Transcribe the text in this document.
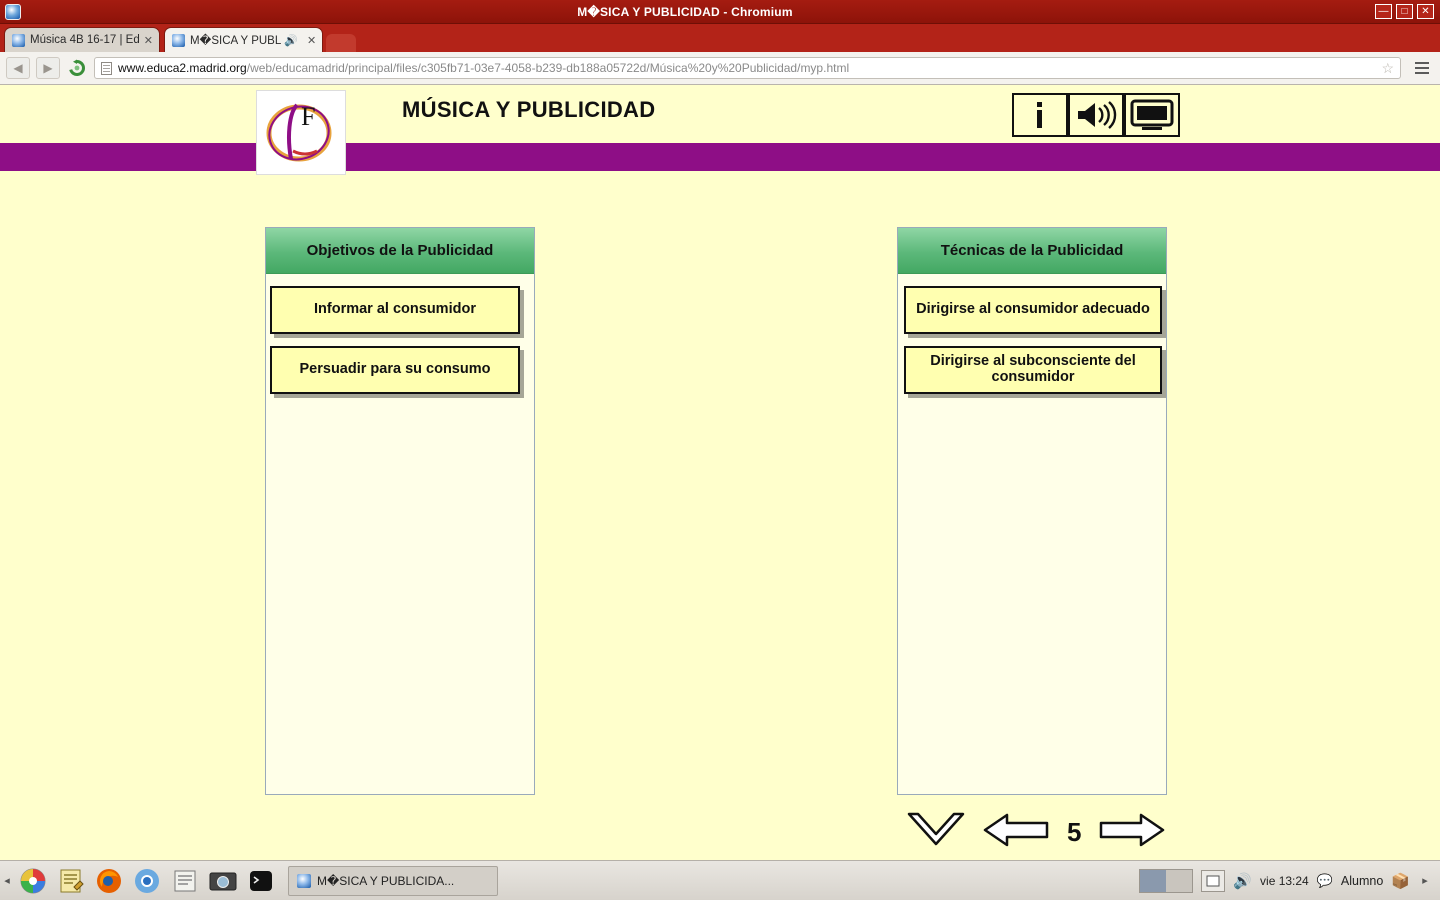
M�SICA Y PUBLICIDAD - Chromium	—	□	✕
Música 4B 16-17 | Ed ✕	M�SICA Y PUBL 🔊 ✕
◀	▶	www.educa2.madrid.org /web/educamadrid/principal/files/c305fb71-03e7-4058-b239-db188a05722d/Música%20y%20Publicidad/myp.html	☆
MÚSICA Y PUBLICIDAD
F
Objetivos de la Publicidad
Informar al consumidor
Persuadir para su consumo
Técnicas de la Publicidad
Dirigirse al consumidor adecuado
Dirigirse al subconsciente del consumidor
5
◂	M�SICA Y PUBLICIDA...	🔊 vie 13:24 💬 Alumno 📦	▸
